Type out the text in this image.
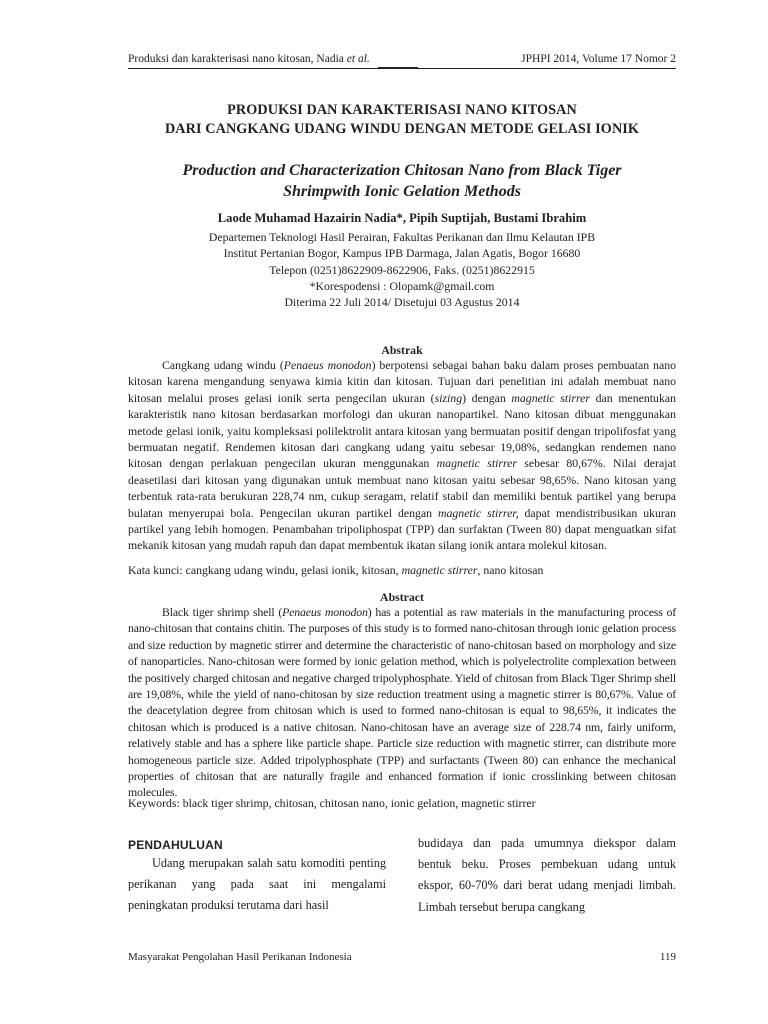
Produksi dan karakterisasi nano kitosan, Nadia et al.	JPHPI 2014, Volume 17 Nomor 2
PRODUKSI DAN KARAKTERISASI NANO KITOSAN
DARI CANGKANG UDANG WINDU DENGAN METODE GELASI IONIK
Production and Characterization Chitosan Nano from Black Tiger
Shrimpwith Ionic Gelation Methods
Laode Muhamad Hazairin Nadia*, Pipih Suptijah, Bustami Ibrahim
Departemen Teknologi Hasil Perairan, Fakultas Perikanan dan Ilmu Kelautan IPB
Institut Pertanian Bogor, Kampus IPB Darmaga, Jalan Agatis, Bogor 16680
Telepon (0251)8622909-8622906, Faks. (0251)8622915
*Korespodensi : Olopamk@gmail.com
Diterima 22 Juli 2014/ Disetujui 03 Agustus 2014
Abstrak
Cangkang udang windu (Penaeus monodon) berpotensi sebagai bahan baku dalam proses pembuatan nano kitosan karena mengandung senyawa kimia kitin dan kitosan. Tujuan dari penelitian ini adalah membuat nano kitosan melalui proses gelasi ionik serta pengecilan ukuran (sizing) dengan magnetic stirrer dan menentukan karakteristik nano kitosan berdasarkan morfologi dan ukuran nanopartikel. Nano kitosan dibuat menggunakan metode gelasi ionik, yaitu kompleksasi polilektrolit antara kitosan yang bermuatan positif dengan tripolifosfat yang bermuatan negatif. Rendemen kitosan dari cangkang udang yaitu sebesar 19,08%, sedangkan rendemen nano kitosan dengan perlakuan pengecilan ukuran menggunakan magnetic stirrer sebesar 80,67%. Nilai derajat deasetilasi dari kitosan yang digunakan untuk membuat nano kitosan yaitu sebesar 98,65%. Nano kitosan yang terbentuk rata-rata berukuran 228,74 nm, cukup seragam, relatif stabil dan memiliki bentuk partikel yang berupa bulatan menyerupai bola. Pengecilan ukuran partikel dengan magnetic stirrer, dapat mendistribusikan ukuran partikel yang lebih homogen. Penambahan tripoliphospat (TPP) dan surfaktan (Tween 80) dapat menguatkan sifat mekanik kitosan yang mudah rapuh dan dapat membentuk ikatan silang ionik antara molekul kitosan.
Kata kunci: cangkang udang windu, gelasi ionik, kitosan, magnetic stirrer, nano kitosan
Abstract
Black tiger shrimp shell (Penaeus monodon) has a potential as raw materials in the manufacturing process of nano-chitosan that contains chitin. The purposes of this study is to formed nano-chitosan through ionic gelation process and size reduction by magnetic stirrer and determine the characteristic of nano-chitosan based on morphology and size of nanoparticles. Nano-chitosan were formed by ionic gelation method, which is polyelectrolite complexation between the positively charged chitosan and negative charged tripolyphosphate. Yield of chitosan from Black Tiger Shrimp shell are 19,08%, while the yield of nano-chitosan by size reduction treatment using a magnetic stirrer is 80,67%. Value of the deacetylation degree from chitosan which is used to formed nano-chitosan is equal to 98,65%, it indicates the chitosan which is produced is a native chitosan. Nano-chitosan have an average size of 228.74 nm, fairly uniform, relatively stable and has a sphere like particle shape. Particle size reduction with magnetic stirrer, can distribute more homogeneous particle size. Added tripolyphosphate (TPP) and surfactants (Tween 80) can enhance the mechanical properties of chitosan that are naturally fragile and enhanced formation if ionic crosslinking between chitosan molecules.
Keywords: black tiger shrimp, chitosan, chitosan nano, ionic gelation, magnetic stirrer
PENDAHULUAN
Udang merupakan salah satu komoditi penting perikanan yang pada saat ini mengalami peningkatan produksi terutama dari hasil
budidaya dan pada umumnya diekspor dalam bentuk beku. Proses pembekuan udang untuk ekspor, 60-70% dari berat udang menjadi limbah. Limbah tersebut berupa cangkang
Masyarakat Pengolahan Hasil Perikanan Indonesia	119
